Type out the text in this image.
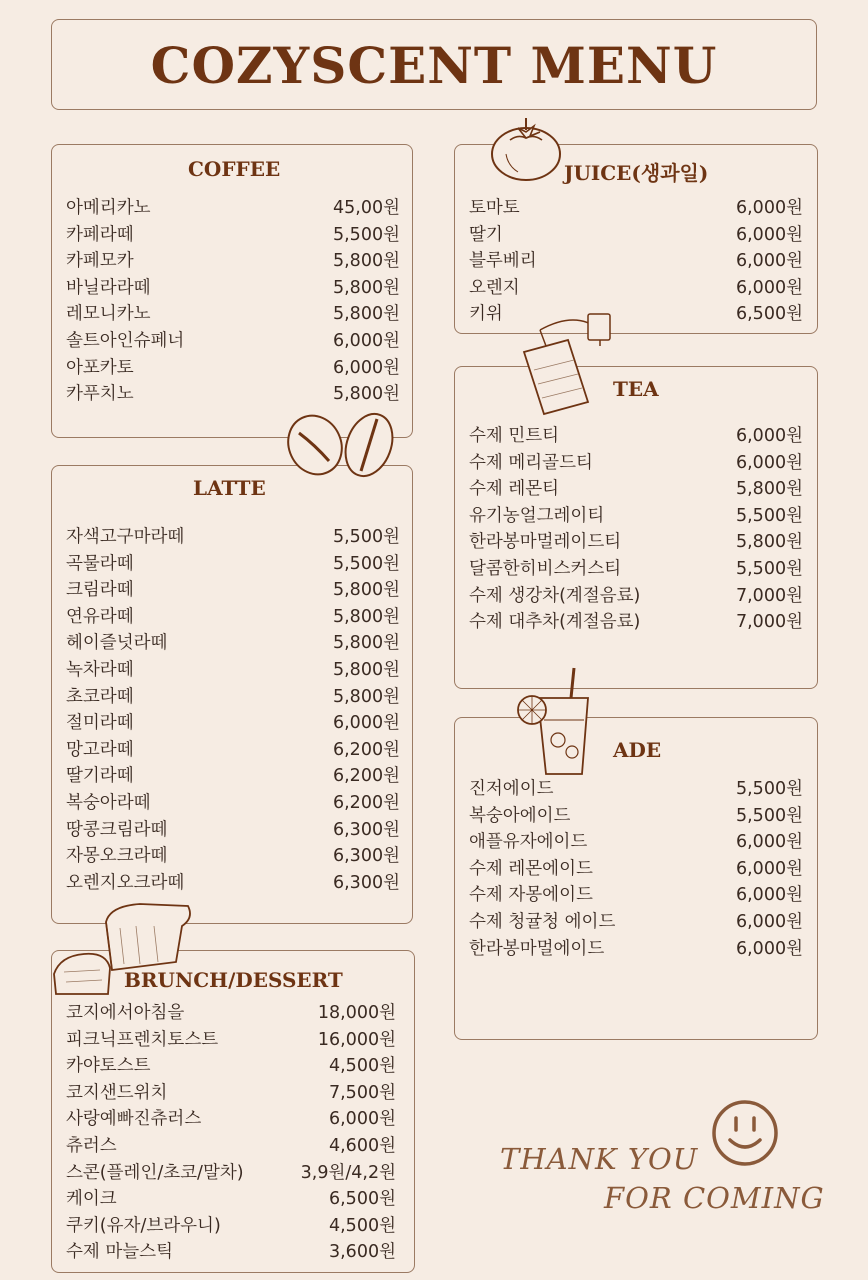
COZYSCENT MENU
COFFEE
아메리카노	45,00원
카페라떼	5,500원
카페모카	5,800원
바닐라라떼	5,800원
레모니카노	5,800원
솔트아인슈페너	6,000원
아포카토	6,000원
카푸치노	5,800원
LATTE
자색고구마라떼	5,500원
곡물라떼	5,500원
크림라떼	5,800원
연유라떼	5,800원
헤이즐넛라떼	5,800원
녹차라떼	5,800원
초코라떼	5,800원
절미라떼	6,000원
망고라떼	6,200원
딸기라떼	6,200원
복숭아라떼	6,200원
땅콩크림라떼	6,300원
자몽오크라떼	6,300원
오렌지오크라떼	6,300원
BRUNCH/DESSERT
코지에서아침을	18,000원
피크닉프렌치토스트	16,000원
카야토스트	4,500원
코지샌드위치	7,500원
사랑예빠진츄러스	6,000원
츄러스	4,600원
스콘(플레인/초코/말차)	3,9원/4,2원
케이크	6,500원
쿠키(유자/브라우니)	4,500원
수제 마늘스틱	3,600원
JUICE(생과일)
토마토	6,000원
딸기	6,000원
블루베리	6,000원
오렌지	6,000원
키위	6,500원
TEA
수제 민트티	6,000원
수제 메리골드티	6,000원
수제 레몬티	5,800원
유기농얼그레이티	5,500원
한라봉마멀레이드티	5,800원
달콤한히비스커스티	5,500원
수제 생강차(계절음료)	7,000원
수제 대추차(계절음료)	7,000원
ADE
진저에이드	5,500원
복숭아에이드	5,500원
애플유자에이드	6,000원
수제 레몬에이드	6,000원
수제 자몽에이드	6,000원
수제 청귤청 에이드	6,000원
한라봉마멀에이드	6,000원
THANK YOU
FOR COMING
